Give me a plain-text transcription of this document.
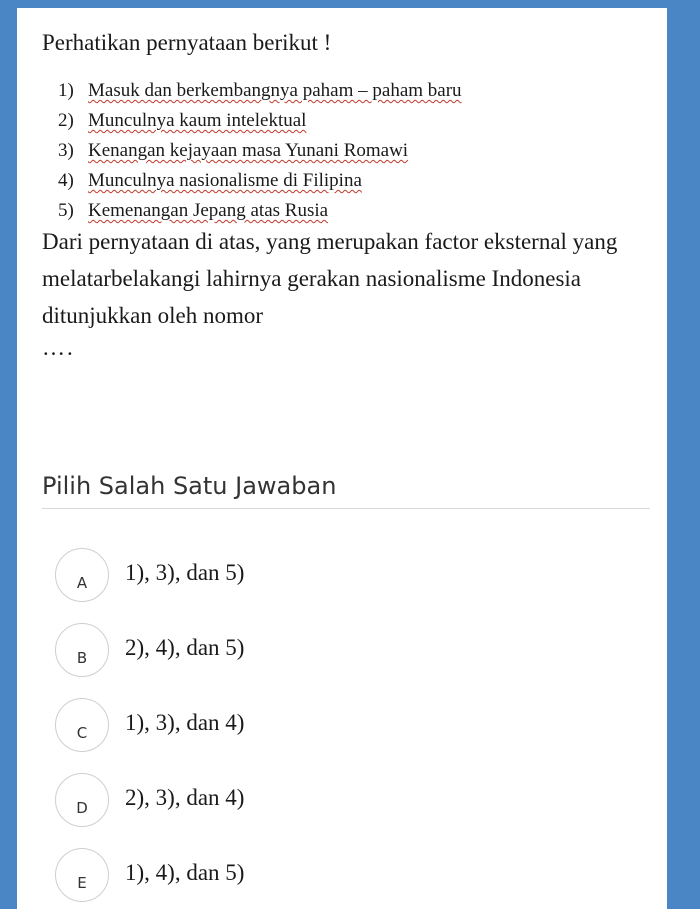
Perhatikan pernyataan berikut !
1) Masuk dan berkembangnya paham – paham baru
2) Munculnya kaum intelektual
3) Kenangan kejayaan masa Yunani Romawi
4) Munculnya nasionalisme di Filipina
5) Kemenangan Jepang atas Rusia
Dari pernyataan di atas, yang merupakan factor eksternal yang melatarbelakangi lahirnya gerakan nasionalisme Indonesia ditunjukkan oleh nomor
….
Pilih Salah Satu Jawaban
A 1), 3), dan 5)
B 2), 4), dan 5)
C 1), 3), dan 4)
D 2), 3), dan 4)
E 1), 4), dan 5)
